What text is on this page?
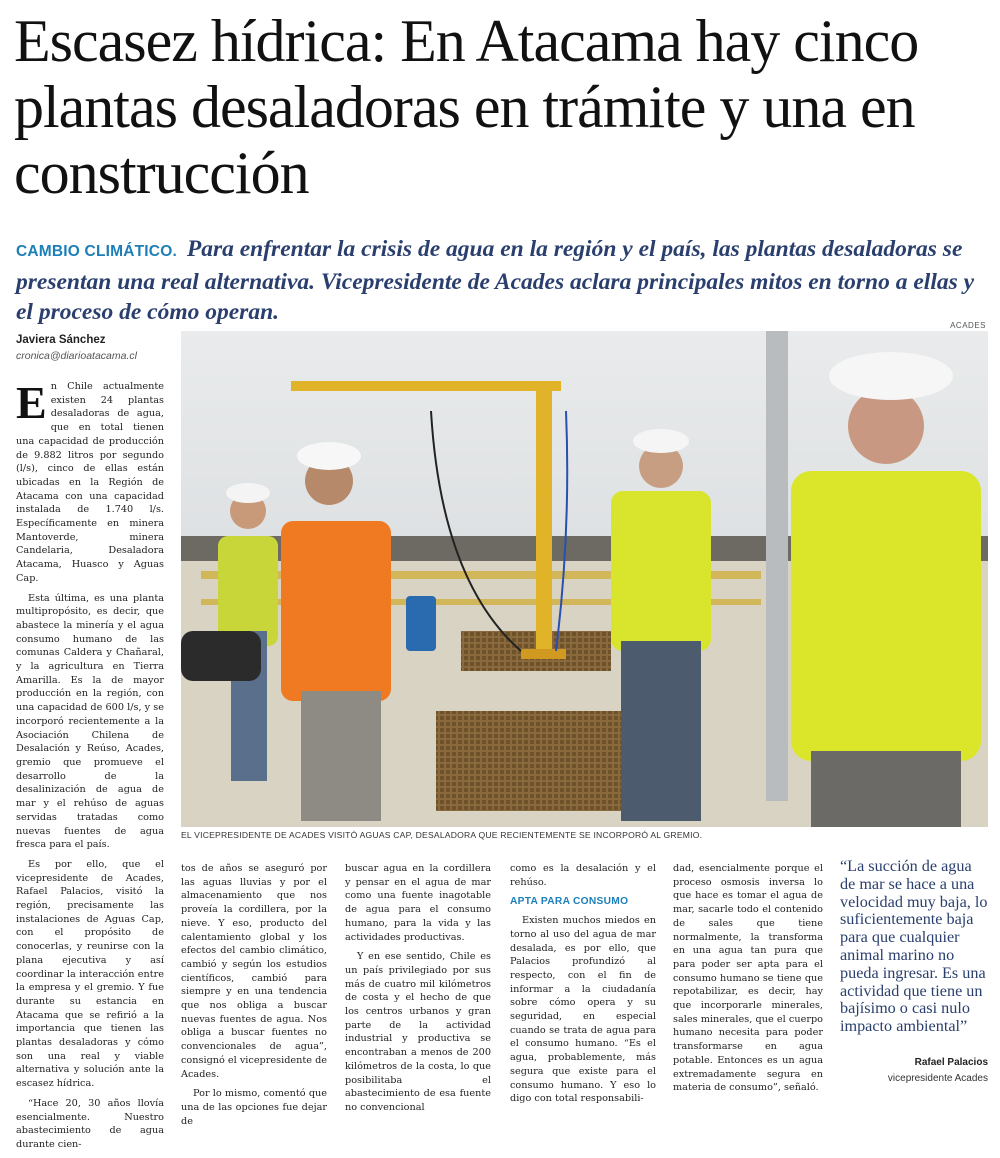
Escasez hídrica: En Atacama hay cinco plantas desaladoras en trámite y una en construcción

CAMBIO CLIMÁTICO. Para enfrentar la crisis de agua en la región y el país, las plantas desaladoras se presentan una real alternativa. Vicepresidente de Acades aclara principales mitos en torno a ellas y el proceso de cómo operan.

Javiera Sánchez
cronica@diarioatacama.cl
ACADES
EL VICEPRESIDENTE DE ACADES VISITÓ AGUAS CAP, DESALADORA QUE RECIENTEMENTE SE INCORPORÓ AL GREMIO.

En Chile actualmente existen 24 plantas desaladoras de agua, que en total tienen una capacidad de producción de 9.882 litros por segundo (l/s), cinco de ellas están ubicadas en la Región de Atacama con una capacidad instalada de 1.740 l/s. Específicamente en minera Mantoverde, minera Candelaria, Desaladora Atacama, Huasco y Aguas Cap.

Esta última, es una planta multipropósito, es decir, que abastece la minería y el agua consumo humano de las comunas Caldera y Chañaral, y la agricultura en Tierra Amarilla. Es la de mayor producción en la región, con una capacidad de 600 l/s, y se incorporó recientemente a la Asociación Chilena de Desalación y Reúso, Acades, gremio que promueve el desarrollo de la desalinización de agua de mar y el rehúso de aguas servidas tratadas como nuevas fuentes de agua fresca para el país.

Es por ello, que el vicepresidente de Acades, Rafael Palacios, visitó la región, precisamente las instalaciones de Aguas Cap, con el propósito de conocerlas, y reunirse con la plana ejecutiva y así coordinar la interacción entre la empresa y el gremio. Y fue durante su estancia en Atacama que se refirió a la importancia que tienen las plantas desaladoras y cómo son una real y viable alternativa y solución ante la escasez hídrica.

“Hace 20, 30 años llovía esencialmente. Nuestro abastecimiento de agua durante cien-

tos de años se aseguró por las aguas lluvias y por el almacenamiento que nos proveía la cordillera, por la nieve. Y eso, producto del calentamiento global y los efectos del cambio climático, cambió y según los estudios científicos, cambió para siempre y en una tendencia que nos obliga a buscar nuevas fuentes de agua. Nos obliga a buscar fuentes no convencionales de agua”, consignó el vicepresidente de Acades.

Por lo mismo, comentó que una de las opciones fue dejar de

buscar agua en la cordillera y pensar en el agua de mar como una fuente inagotable de agua para el consumo humano, para la vida y las actividades productivas.

Y en ese sentido, Chile es un país privilegiado por sus más de cuatro mil kilómetros de costa y el hecho de que los centros urbanos y gran parte de la actividad industrial y productiva se encontraban a menos de 200 kilómetros de la costa, lo que posibilitaba el abastecimiento de esa fuente no convencional

como es la desalación y el rehúso.

APTA PARA CONSUMO

Existen muchos miedos en torno al uso del agua de mar desalada, es por ello, que Palacios profundizó al respecto, con el fin de informar a la ciudadanía sobre cómo opera y su seguridad, en especial cuando se trata de agua para el consumo humano. “Es el agua, probablemente, más segura que existe para el consumo humano. Y eso lo digo con total responsabili-

dad, esencialmente porque el proceso osmosis inversa lo que hace es tomar el agua de mar, sacarle todo el contenido de sales que tiene normalmente, la transforma en una agua tan pura que para poder ser apta para el consumo humano se tiene que repotabilizar, es decir, hay que incorporarle minerales, sales minerales, que el cuerpo humano necesita para poder transformarse en agua potable. Entonces es un agua extremadamente segura en materia de consumo”, señaló.

“La succión de agua de mar se hace a una velocidad muy baja, lo suficientemente baja para que cualquier animal marino no pueda ingresar. Es una actividad que tiene un bajísimo o casi nulo impacto ambiental”
Rafael Palacios
vicepresidente Acades
